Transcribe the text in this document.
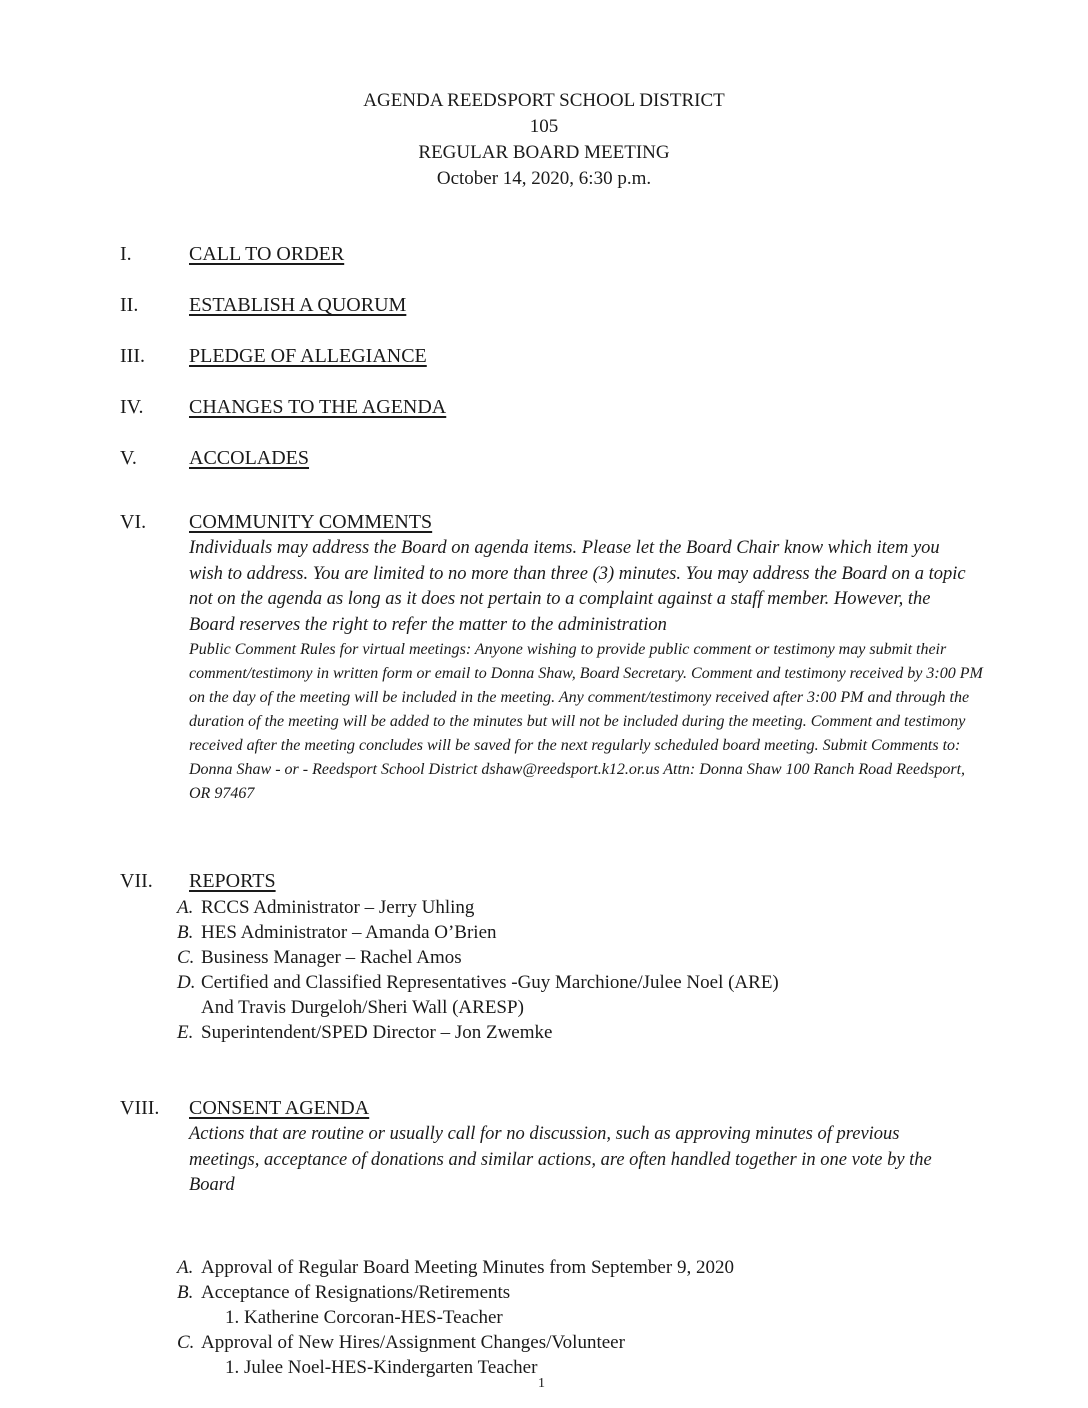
AGENDA REEDSPORT SCHOOL DISTRICT
105
REGULAR BOARD MEETING
October 14, 2020, 6:30 p.m.
I.	CALL TO ORDER
II.	ESTABLISH A QUORUM
III. PLEDGE OF ALLEGIANCE
IV. CHANGES TO THE AGENDA
V.	ACCOLADES
VI. COMMUNITY COMMENTS
Individuals may address the Board on agenda items. Please let the Board Chair know which item you wish to address. You are limited to no more than three (3) minutes. You may address the Board on a topic not on the agenda as long as it does not pertain to a complaint against a staff member. However, the Board reserves the right to refer the matter to the administration
Public Comment Rules for virtual meetings: Anyone wishing to provide public comment or testimony may submit their comment/testimony in written form or email to Donna Shaw, Board Secretary. Comment and testimony received by 3:00 PM on the day of the meeting will be included in the meeting. Any comment/testimony received after 3:00 PM and through the duration of the meeting will be added to the minutes but will not be included during the meeting. Comment and testimony received after the meeting concludes will be saved for the next regularly scheduled board meeting. Submit Comments to: Donna Shaw - or - Reedsport School District dshaw@reedsport.k12.or.us Attn: Donna Shaw 100 Ranch Road Reedsport, OR 97467
VII. REPORTS
A. RCCS Administrator – Jerry Uhling
B. HES Administrator – Amanda O’Brien
C. Business Manager – Rachel Amos
D. Certified and Classified Representatives -Guy Marchione/Julee Noel (ARE)
And Travis Durgeloh/Sheri Wall (ARESP)
E. Superintendent/SPED Director – Jon Zwemke
VIII. CONSENT AGENDA
Actions that are routine or usually call for no discussion, such as approving minutes of previous meetings, acceptance of donations and similar actions, are often handled together in one vote by the Board
A. Approval of Regular Board Meeting Minutes from September 9, 2020
B. Acceptance of Resignations/Retirements
1. Katherine Corcoran-HES-Teacher
C. Approval of New Hires/Assignment Changes/Volunteer
1. Julee Noel-HES-Kindergarten Teacher
1
